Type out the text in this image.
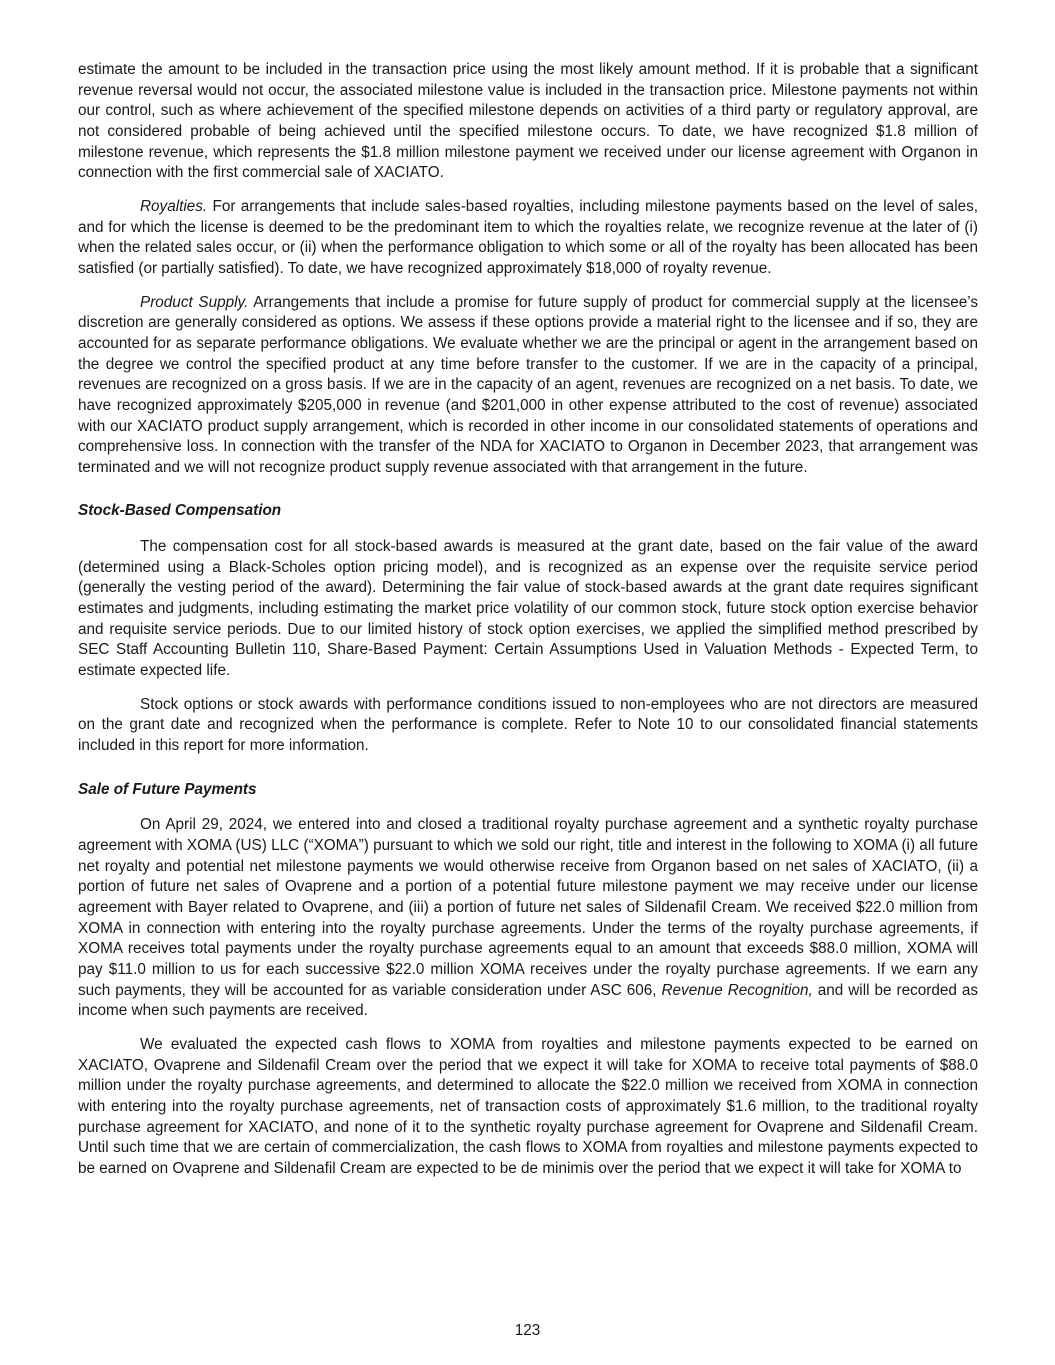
estimate the amount to be included in the transaction price using the most likely amount method. If it is probable that a significant revenue reversal would not occur, the associated milestone value is included in the transaction price. Milestone payments not within our control, such as where achievement of the specified milestone depends on activities of a third party or regulatory approval, are not considered probable of being achieved until the specified milestone occurs. To date, we have recognized $1.8 million of milestone revenue, which represents the $1.8 million milestone payment we received under our license agreement with Organon in connection with the first commercial sale of XACIATO.

Royalties. For arrangements that include sales-based royalties, including milestone payments based on the level of sales, and for which the license is deemed to be the predominant item to which the royalties relate, we recognize revenue at the later of (i) when the related sales occur, or (ii) when the performance obligation to which some or all of the royalty has been allocated has been satisfied (or partially satisfied). To date, we have recognized approximately $18,000 of royalty revenue.

Product Supply. Arrangements that include a promise for future supply of product for commercial supply at the licensee’s discretion are generally considered as options. We assess if these options provide a material right to the licensee and if so, they are accounted for as separate performance obligations. We evaluate whether we are the principal or agent in the arrangement based on the degree we control the specified product at any time before transfer to the customer. If we are in the capacity of a principal, revenues are recognized on a gross basis. If we are in the capacity of an agent, revenues are recognized on a net basis. To date, we have recognized approximately $205,000 in revenue (and $201,000 in other expense attributed to the cost of revenue) associated with our XACIATO product supply arrangement, which is recorded in other income in our consolidated statements of operations and comprehensive loss. In connection with the transfer of the NDA for XACIATO to Organon in December 2023, that arrangement was terminated and we will not recognize product supply revenue associated with that arrangement in the future.

Stock-Based Compensation

The compensation cost for all stock-based awards is measured at the grant date, based on the fair value of the award (determined using a Black-Scholes option pricing model), and is recognized as an expense over the requisite service period (generally the vesting period of the award). Determining the fair value of stock-based awards at the grant date requires significant estimates and judgments, including estimating the market price volatility of our common stock, future stock option exercise behavior and requisite service periods. Due to our limited history of stock option exercises, we applied the simplified method prescribed by SEC Staff Accounting Bulletin 110, Share-Based Payment: Certain Assumptions Used in Valuation Methods - Expected Term, to estimate expected life.

Stock options or stock awards with performance conditions issued to non-employees who are not directors are measured on the grant date and recognized when the performance is complete. Refer to Note 10 to our consolidated financial statements included in this report for more information.

Sale of Future Payments

On April 29, 2024, we entered into and closed a traditional royalty purchase agreement and a synthetic royalty purchase agreement with XOMA (US) LLC (“XOMA”) pursuant to which we sold our right, title and interest in the following to XOMA (i) all future net royalty and potential net milestone payments we would otherwise receive from Organon based on net sales of XACIATO, (ii) a portion of future net sales of Ovaprene and a portion of a potential future milestone payment we may receive under our license agreement with Bayer related to Ovaprene, and (iii) a portion of future net sales of Sildenafil Cream. We received $22.0 million from XOMA in connection with entering into the royalty purchase agreements. Under the terms of the royalty purchase agreements, if XOMA receives total payments under the royalty purchase agreements equal to an amount that exceeds $88.0 million, XOMA will pay $11.0 million to us for each successive $22.0 million XOMA receives under the royalty purchase agreements. If we earn any such payments, they will be accounted for as variable consideration under ASC 606, Revenue Recognition, and will be recorded as income when such payments are received.

We evaluated the expected cash flows to XOMA from royalties and milestone payments expected to be earned on XACIATO, Ovaprene and Sildenafil Cream over the period that we expect it will take for XOMA to receive total payments of $88.0 million under the royalty purchase agreements, and determined to allocate the $22.0 million we received from XOMA in connection with entering into the royalty purchase agreements, net of transaction costs of approximately $1.6 million, to the traditional royalty purchase agreement for XACIATO, and none of it to the synthetic royalty purchase agreement for Ovaprene and Sildenafil Cream. Until such time that we are certain of commercialization, the cash flows to XOMA from royalties and milestone payments expected to be earned on Ovaprene and Sildenafil Cream are expected to be de minimis over the period that we expect it will take for XOMA to

123
